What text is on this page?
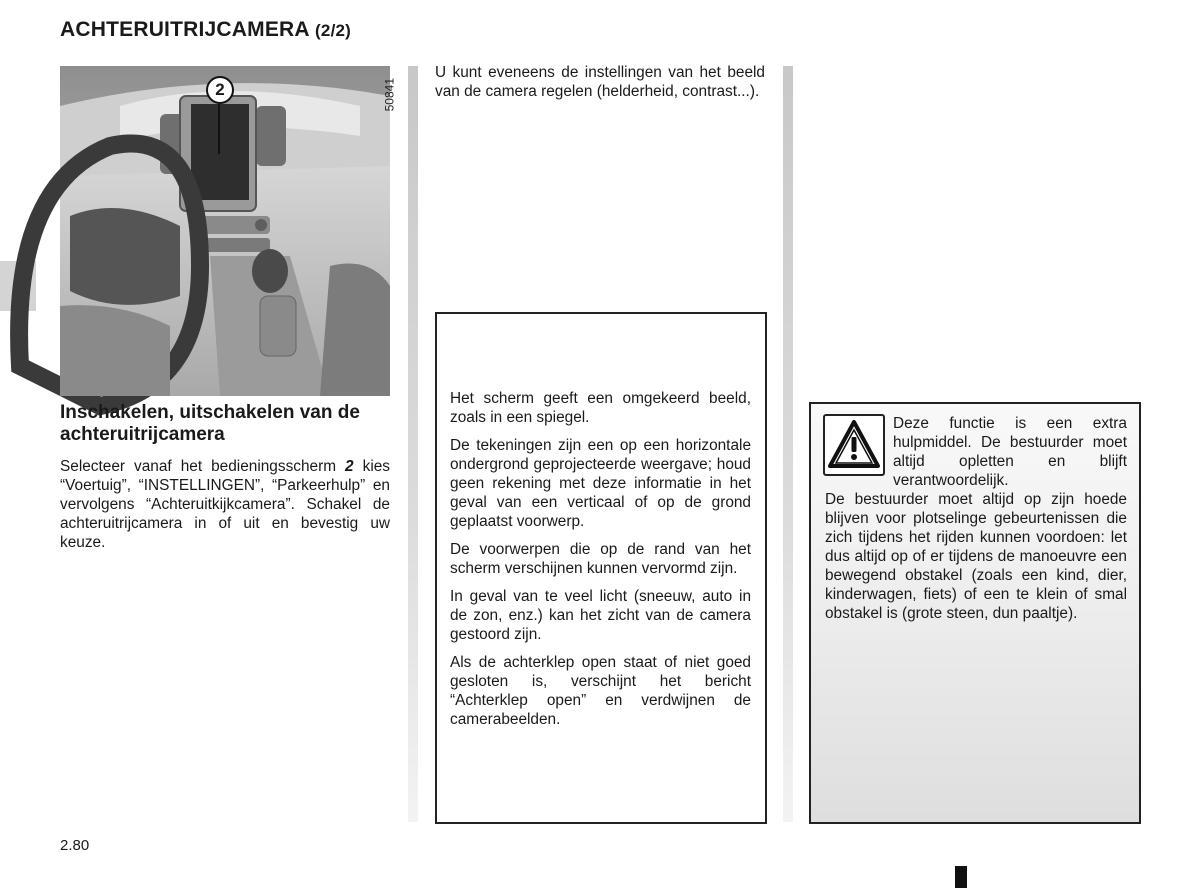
ACHTERUITRIJCAMERA (2/2)
2	50841
Inschakelen, uitschakelen van de achteruitrijcamera
Selecteer vanaf het bedieningsscherm 2 kies “Voertuig”, “INSTELLINGEN”, “Parkeerhulp” en vervolgens “Achteruitkijkcamera”. Schakel de achteruitrijcamera in of uit en bevestig uw keuze.
U kunt eveneens de instellingen van het beeld van de camera regelen (helderheid, contrast...).

Het scherm geeft een omgekeerd beeld, zoals in een spiegel.

De tekeningen zijn een op een horizontale ondergrond geprojecteerde weergave; houd geen rekening met deze informatie in het geval van een verticaal of op de grond geplaatst voorwerp.

De voorwerpen die op de rand van het scherm verschijnen kunnen vervormd zijn.

In geval van te veel licht (sneeuw, auto in de zon, enz.) kan het zicht van de camera gestoord zijn.

Als de achterklep open staat of niet goed gesloten is, verschijnt het bericht “Achterklep open” en verdwijnen de camerabeelden.

Deze functie is een extra hulpmiddel. De bestuurder moet altijd opletten en blijft verantwoordelijk.
De bestuurder moet altijd op zijn hoede blijven voor plotselinge gebeurtenissen die zich tijdens het rijden kunnen voordoen: let dus altijd op of er tijdens de manoeuvre een bewegend obstakel (zoals een kind, dier, kinderwagen, fiets) of een te klein of smal obstakel is (grote steen, dun paaltje).
2.80
